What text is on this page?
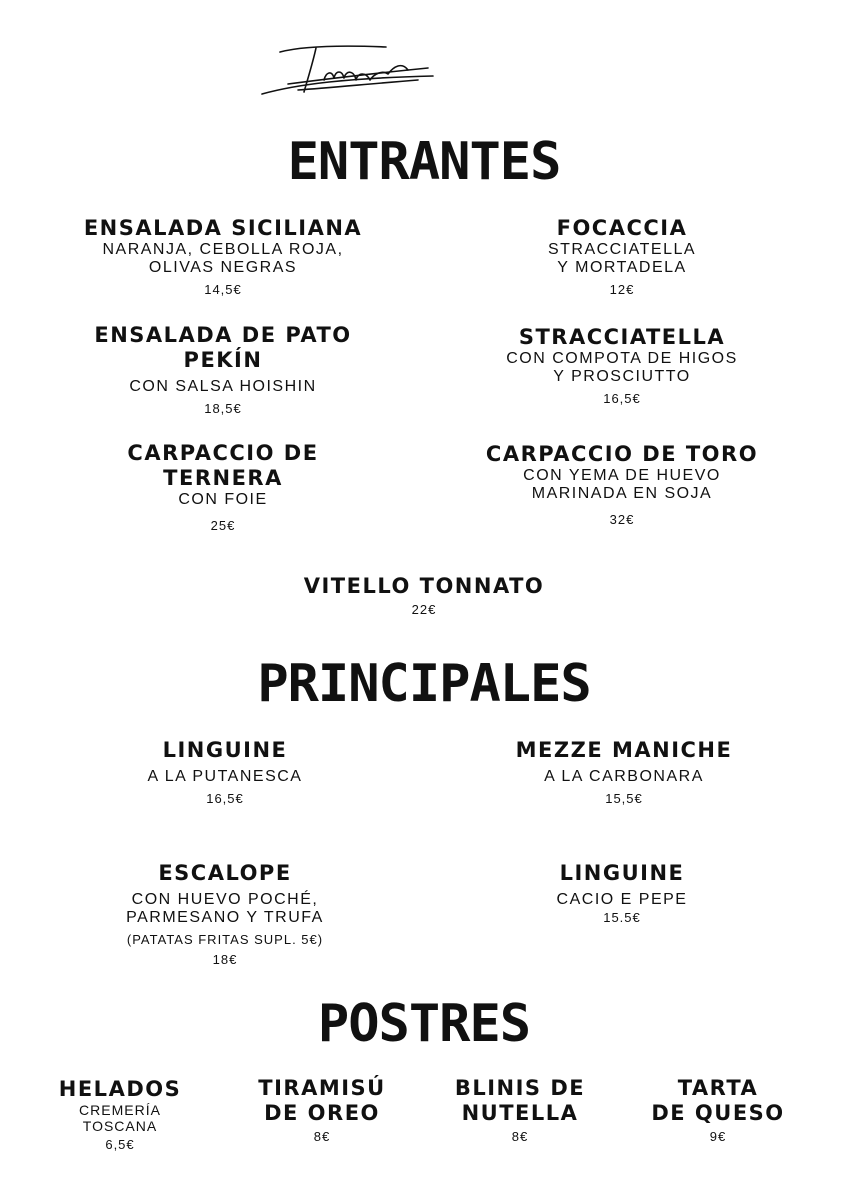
ENTRANTES
ENSALADA SICILIANA
NARANJA, CEBOLLA ROJA,
OLIVAS NEGRAS
14,5€
FOCACCIA
STRACCIATELLA
Y MORTADELA
12€
ENSALADA DE PATO
PEKÍN
CON SALSA HOISHIN
18,5€
STRACCIATELLA
CON COMPOTA DE HIGOS
Y PROSCIUTTO
16,5€
CARPACCIO DE
TERNERA
CON FOIE
25€
CARPACCIO DE TORO
CON YEMA DE HUEVO
MARINADA EN SOJA
32€
VITELLO TONNATO
22€
PRINCIPALES
LINGUINE
A LA PUTANESCA
16,5€
MEZZE MANICHE
A LA CARBONARA
15,5€
ESCALOPE
CON HUEVO POCHÉ,
PARMESANO Y TRUFA
(PATATAS FRITAS SUPL. 5€)
18€
LINGUINE
CACIO E PEPE
15.5€
POSTRES
HELADOS
CREMERÍA
TOSCANA
6,5€
TIRAMISÚ
DE OREO
8€
BLINIS DE
NUTELLA
8€
TARTA
DE QUESO
9€
